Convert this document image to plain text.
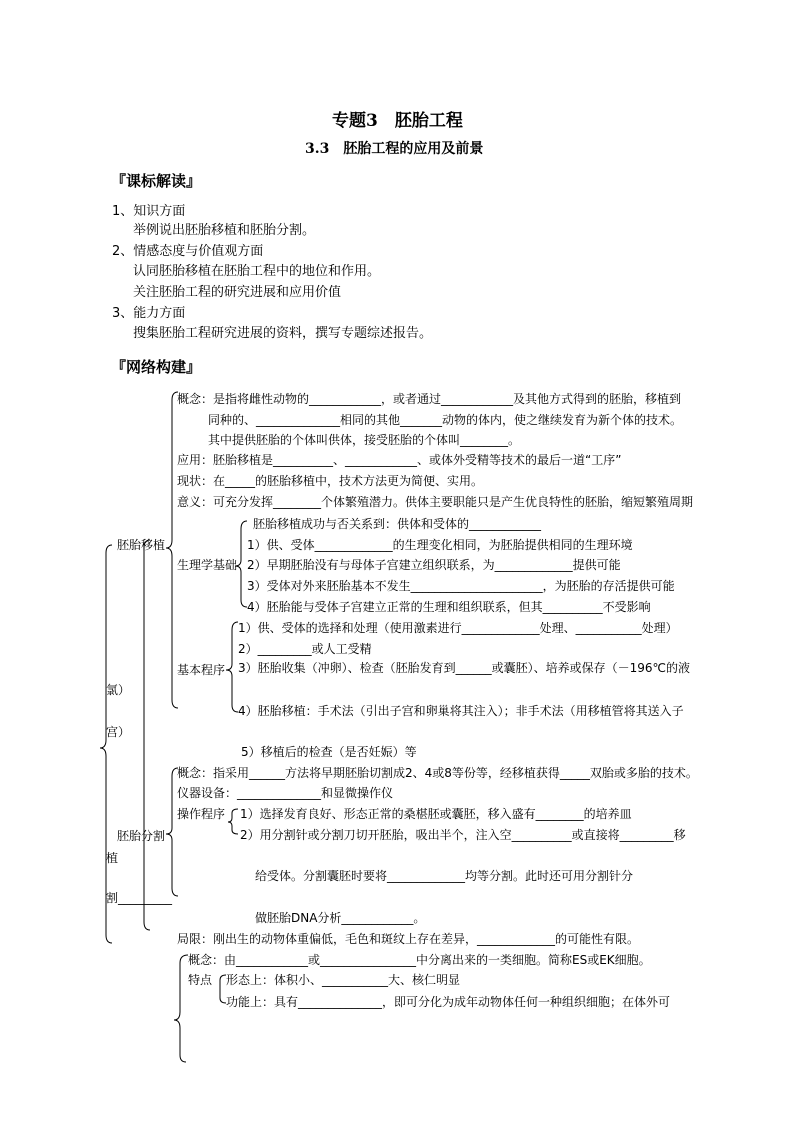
专题3　胚胎工程
3.3　胚胎工程的应用及前景
『课标解读』
1、知识方面
举例说出胚胎移植和胚胎分割。
2、情感态度与价值观方面
认同胚胎移植在胚胎工程中的地位和作用。
关注胚胎工程的研究进展和应用价值
3、能力方面
搜集胚胎工程研究进展的资料，撰写专题综述报告。
『网络构建』
胚胎移植
氯）
宫）
概念：是指将雌性动物的____________，或者通过____________及其他方式得到的胚胎，移植到
同种的、______________相同的其他_______动物的体内，使之继续发育为新个体的技术。
其中提供胚胎的个体叫供体，接受胚胎的个体叫________。
应用：胚胎移植是__________、____________、或体外受精等技术的最后一道“工序”
现状：在_____的胚胎移植中，技术方法更为简便、实用。
意义：可充分发挥________个体繁殖潜力。供体主要职能只是产生优良特性的胚胎，缩短繁殖周期
生理学基础
胚胎移植成功与否关系到：供体和受体的____________
1）供、受体_____________的生理变化相同，为胚胎提供相同的生理环境
2）早期胚胎没有与母体子宫建立组织联系，为_____________提供可能
3）受体对外来胚胎基本不发生______________________，为胚胎的存活提供可能
4）胚胎能与受体子宫建立正常的生理和组织联系，但其__________不受影响
基本程序
1）供、受体的选择和处理（使用激素进行_____________处理、___________处理）
2）_________或人工受精
3）胚胎收集（冲卵）、检查（胚胎发育到______或囊胚）、培养或保存（－196℃的液
4）胚胎移植：手术法（引出子宫和卵巢将其注入）；非手术法（用移植管将其送入子
5）移植后的检查（是否妊娠）等
胚胎分割
植
割_________
概念：指采用______方法将早期胚胎切割成2、4或8等份等，经移植获得_____双胎或多胎的技术。
仪器设备：______________和显微操作仪
操作程序 1）选择发育良好、形态正常的桑椹胚或囊胚，移入盛有________的培养皿
2）用分割针或分割刀切开胚胎，吸出半个，注入空__________或直接将_________移
给受体。分割囊胚时要将_____________均等分割。此时还可用分割针分
做胚胎DNA分析____________。
局限：刚出生的动物体重偏低，毛色和斑纹上存在差异，_____________的可能性有限。
概念：由____________或________________中分离出来的一类细胞。简称ES或EK细胞。
特点 形态上：体积小、___________大、核仁明显
功能上：具有______________，即可分化为成年动物体任何一种组织细胞；在体外可
